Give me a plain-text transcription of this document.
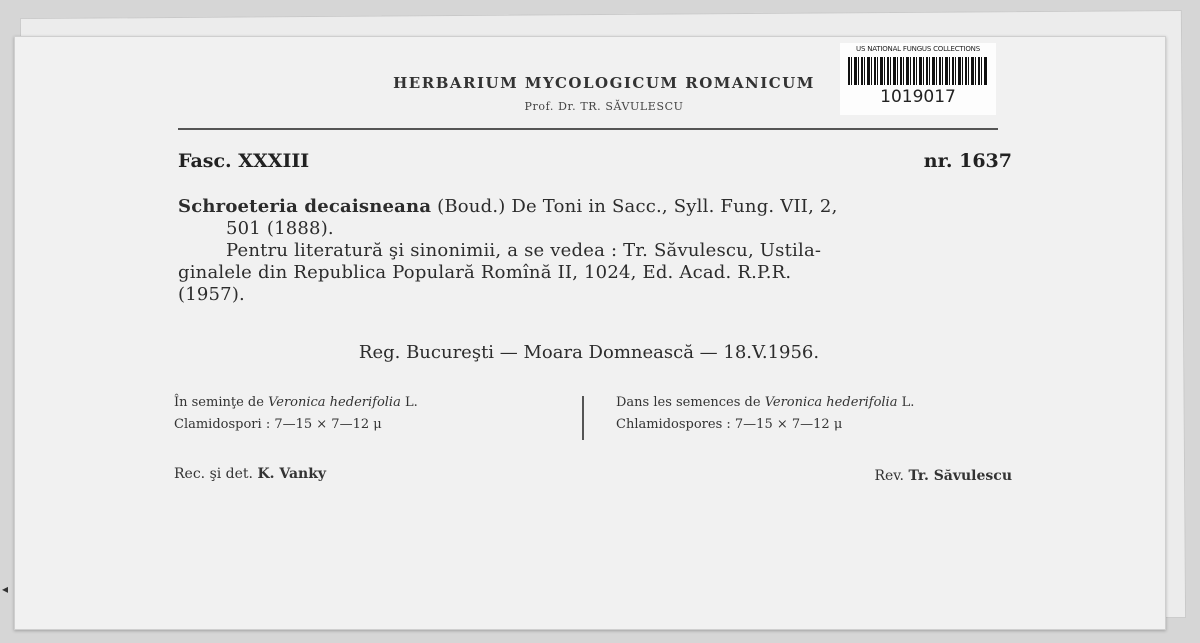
HERBARIUM MYCOLOGICUM ROMANICUM
Prof. Dr. TR. SĂVULESCU
US NATIONAL FUNGUS COLLECTIONS
1019017
Fasc. XXXIII	nr. 1637

Schroeteria decaisneana (Boud.) De Toni in Sacc., Syll. Fung. VII, 2,

501 (1888).

Pentru literatură şi sinonimii, a se vedea : Tr. Săvulescu, Ustila-

ginalele din Republica Populară Romînă II, 1024, Ed. Acad. R.P.R.

(1957).

Reg. Bucureşti — Moara Domnească — 18.V.1956.
În seminţe de Veronica hederifolia L.
Clamidospori : 7—15 × 7—12 μ
Dans les semences de Veronica hederifolia L.
Chlamidospores : 7—15 × 7—12 μ
Rec. şi det. K. Vanky	Rev. Tr. Săvulescu
◂
